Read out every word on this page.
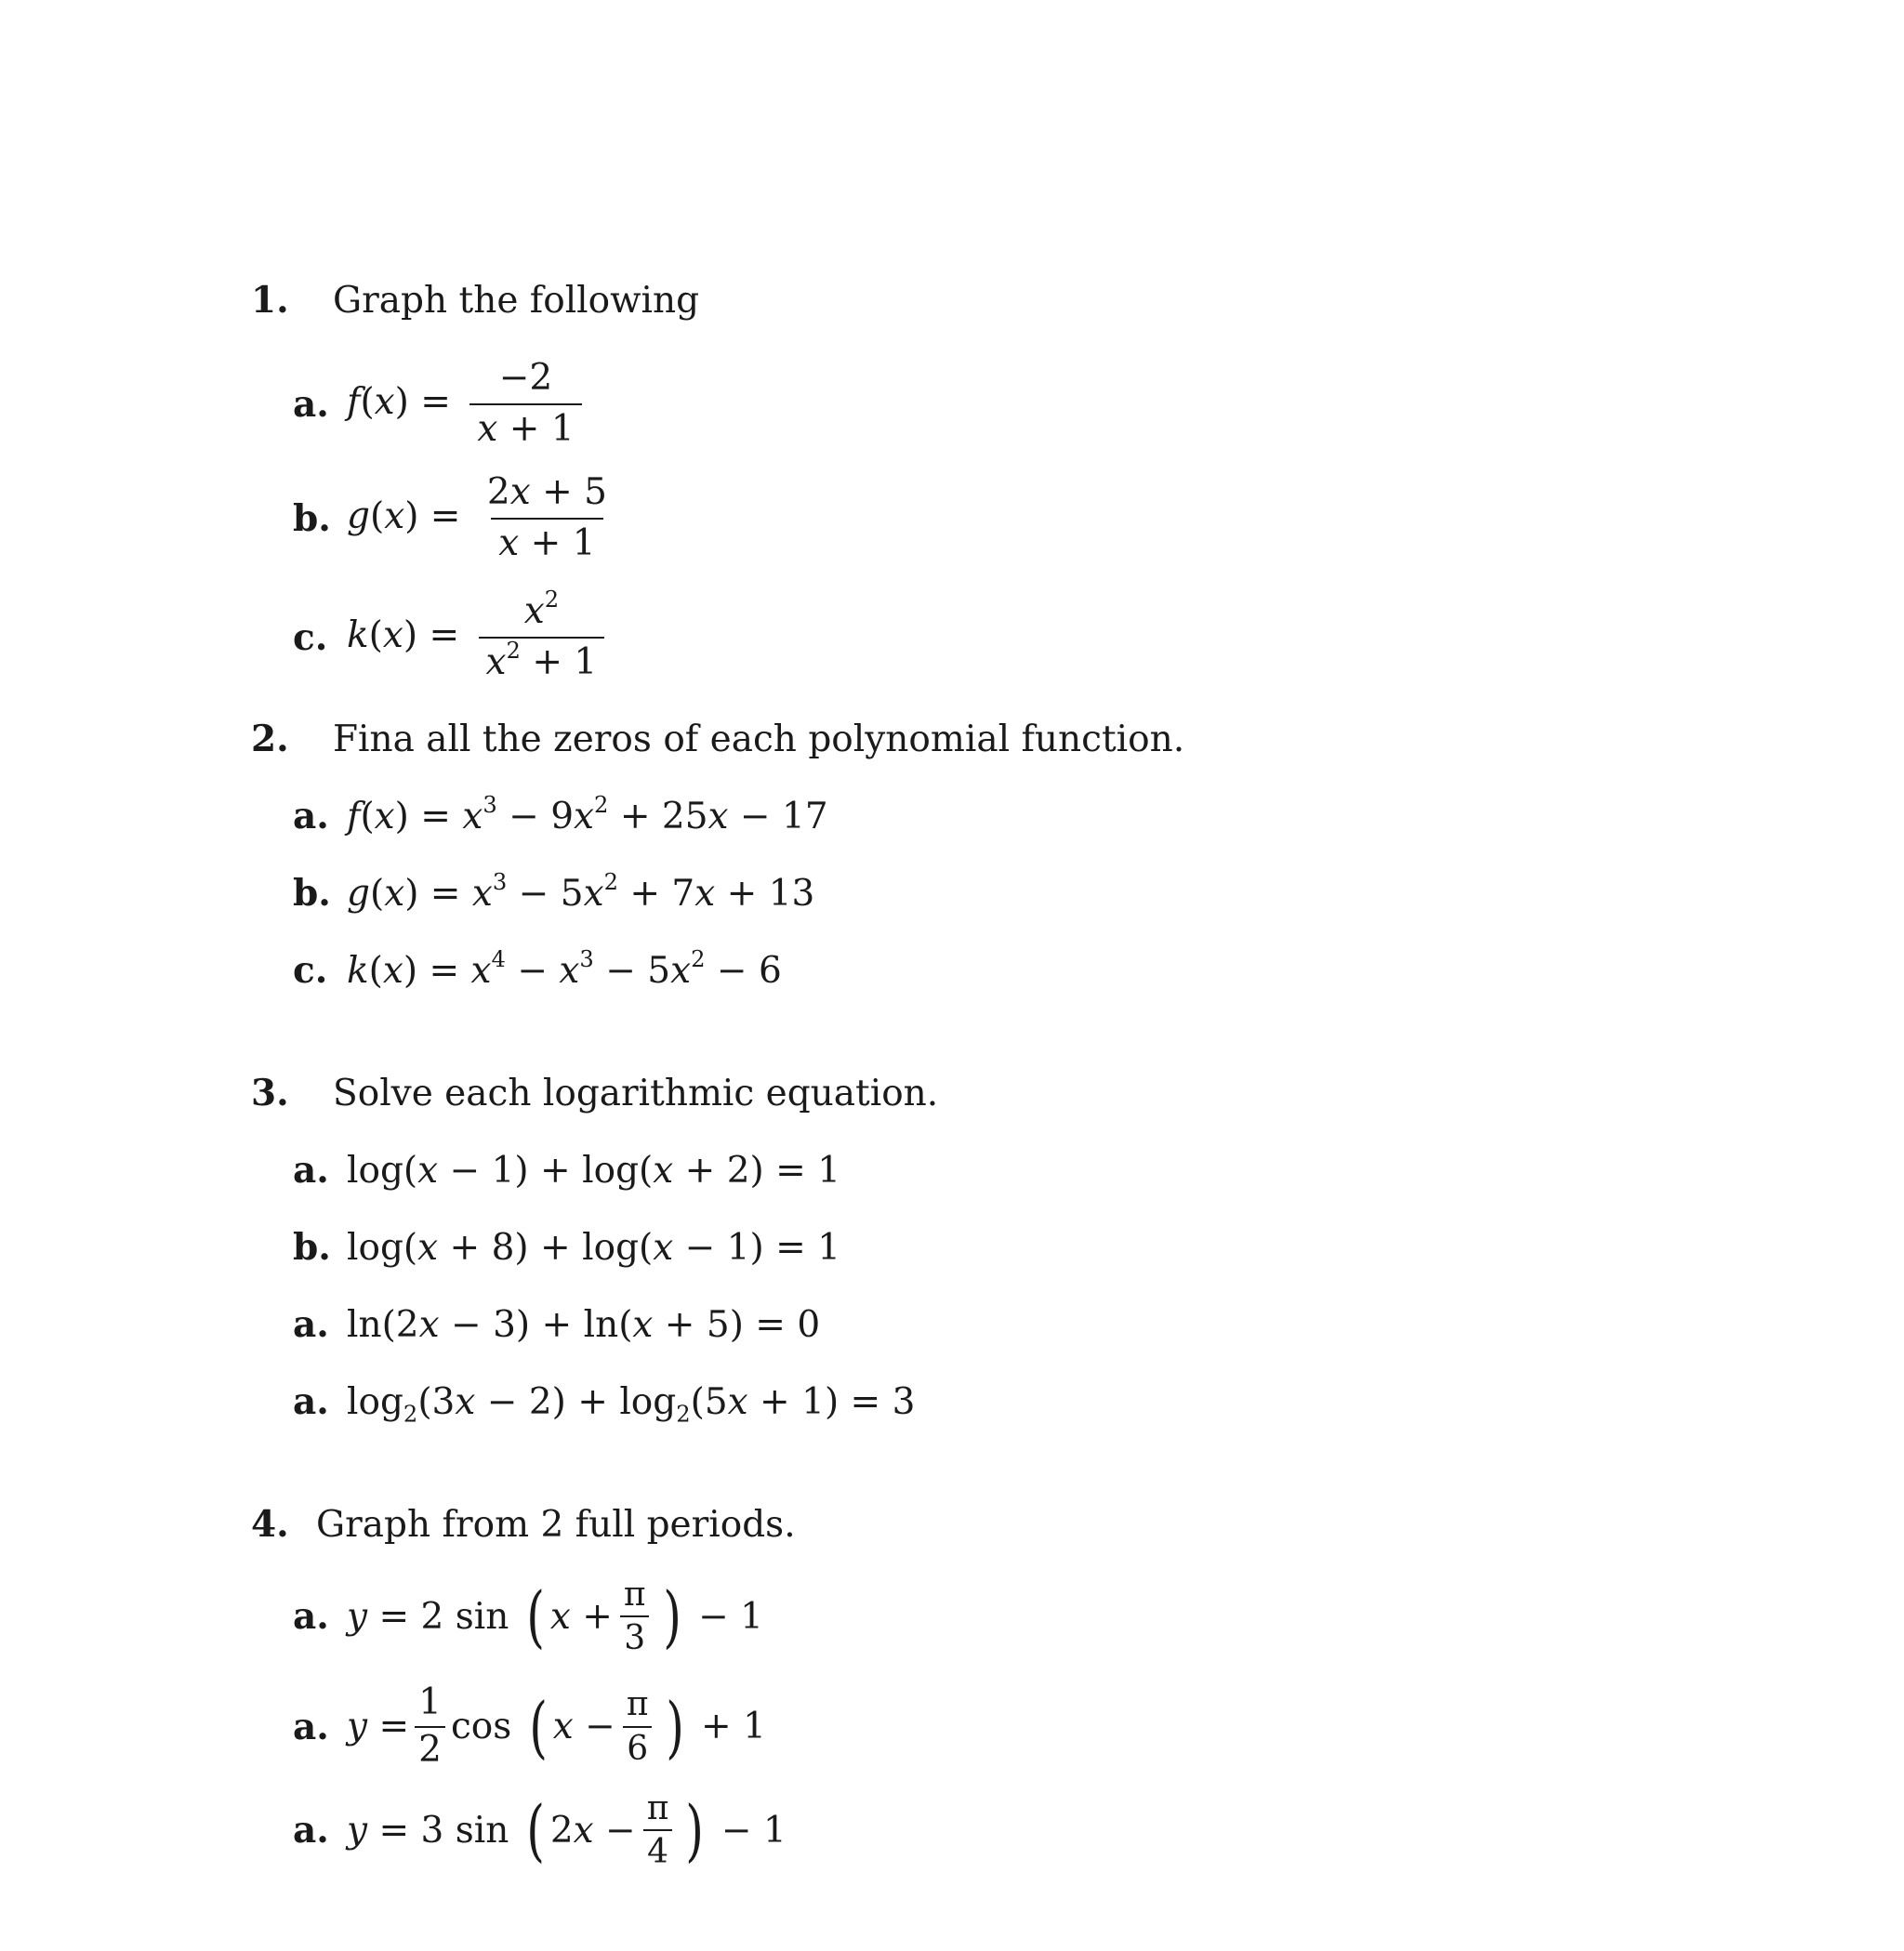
1.	Graph the following
a. $f(x) = \frac{-2}{x + 1}$
b. $g(x) = \frac{2x + 5}{x + 1}$
c. $k(x) = \frac{x^2}{x^2 + 1}$
2.	Fina all the zeros of each polynomial function.
a. $f(x) = x^3 - 9x^2 + 25x - 17$
b. $g(x) = x^3 - 5x^2 + 7x + 13$
c. $k(x) = x^4 - x^3 - 5x^2 - 6$
3.	Solve each logarithmic equation.
a. log(x − 1) + log(x + 2) = 1
b. log(x + 8) + log(x − 1) = 1
a. ln(2x − 3) + ln(x + 5) = 0
a. $\log_2(3x - 2) + \log_2(5x + 1) = 3$
4. Graph from 2 full periods.
a. y = 2 sin ( $x + \frac{\pi}{3}$ ) − 1
a. $y = \frac{1}{2}$ cos ( $x - \frac{\pi}{6}$ ) + 1
a. y = 3 sin ( 2 $x - \frac{\pi}{4}$ ) − 1
